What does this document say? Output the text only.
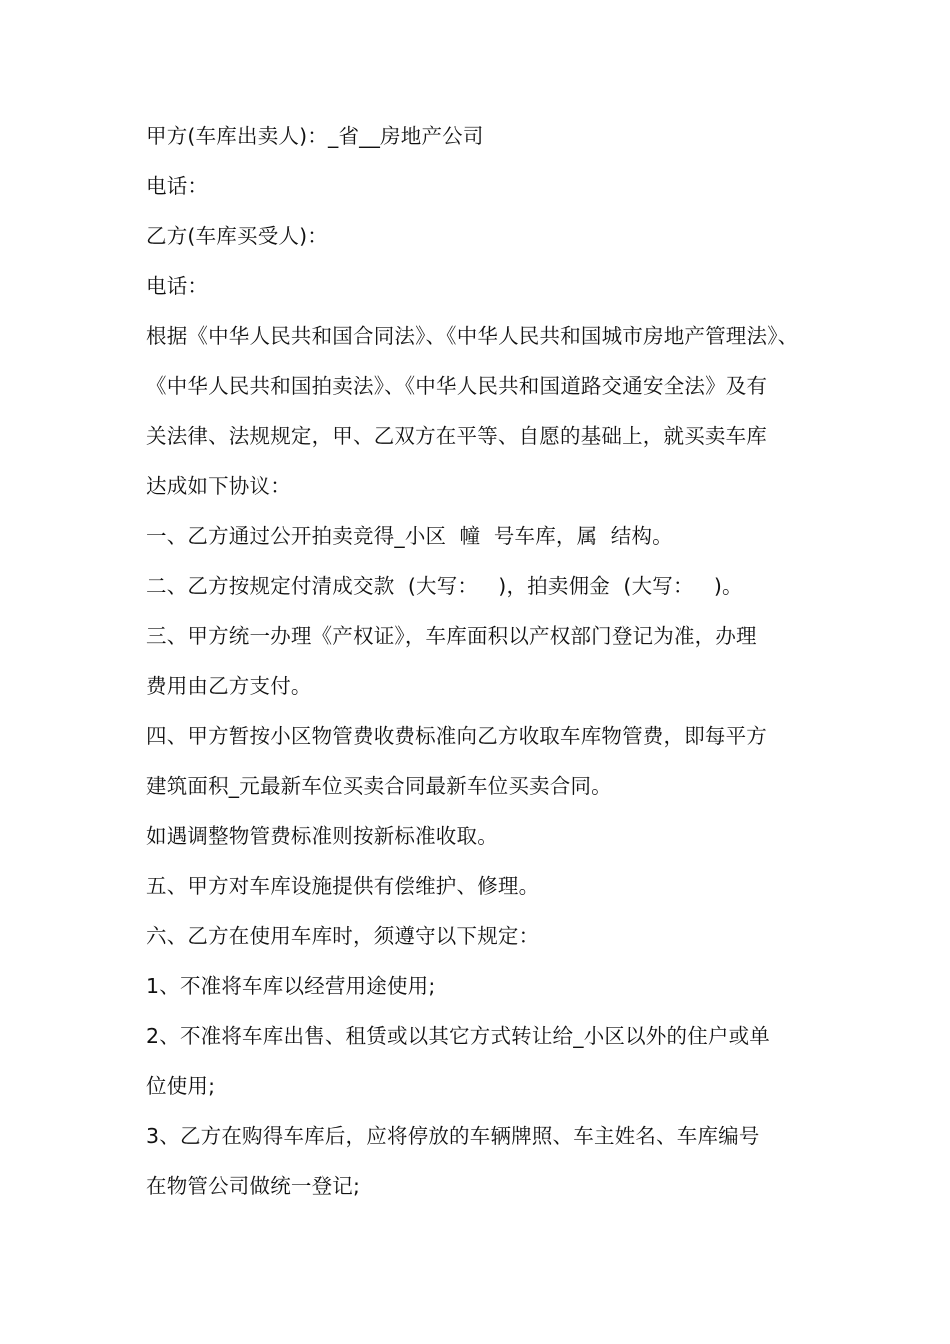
甲方(车库出卖人)：_省__房地产公司
电话：
乙方(车库买受人)：
电话：
根据《中华人民共和国合同法》、《中华人民共和国城市房地产管理法》、
《中华人民共和国拍卖法》、《中华人民共和国道路交通安全法》及有
关法律、法规规定，甲、乙双方在平等、自愿的基础上，就买卖车库
达成如下协议：
一、乙方通过公开拍卖竞得_小区  幢  号车库，属  结构。
二、乙方按规定付清成交款  (大写：   )，拍卖佣金  (大写：   )。
三、甲方统一办理《产权证》，车库面积以产权部门登记为准，办理
费用由乙方支付。
四、甲方暂按小区物管费收费标准向乙方收取车库物管费，即每平方
建筑面积_元最新车位买卖合同最新车位买卖合同。
如遇调整物管费标准则按新标准收取。
五、甲方对车库设施提供有偿维护、修理。
六、乙方在使用车库时，须遵守以下规定：
1、不准将车库以经营用途使用;
2、不准将车库出售、租赁或以其它方式转让给_小区以外的住户或单
位使用;
3、乙方在购得车库后，应将停放的车辆牌照、车主姓名、车库编号
在物管公司做统一登记;
